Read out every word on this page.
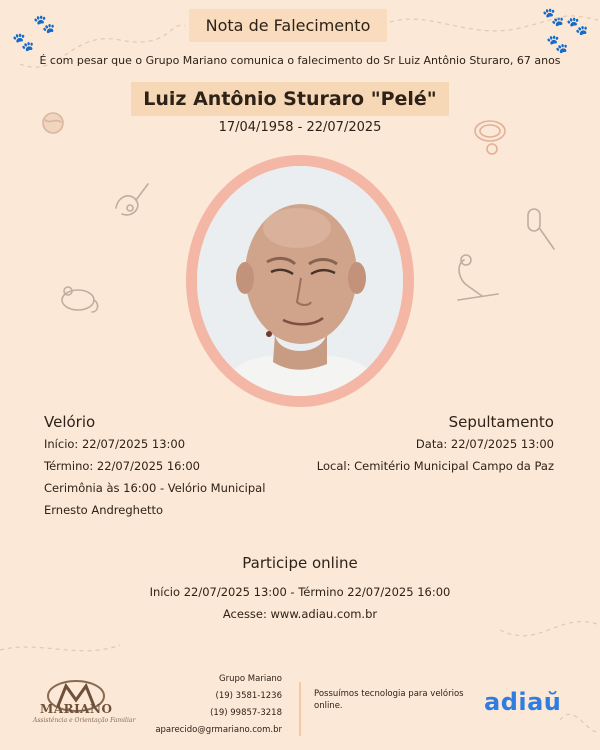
🐾
🐾
🐾 🐾
🐾
Nota de Falecimento
É com pesar que o Grupo Mariano comunica o falecimento do Sr Luiz Antônio Sturaro, 67 anos
Luiz Antônio Sturaro "Pelé"
17/04/1958 - 22/07/2025
Velório
Início: 22/07/2025 13:00
Término: 22/07/2025 16:00
Cerimônia às 16:00 - Velório Municipal
Ernesto Andreghetto
Sepultamento
Data: 22/07/2025 13:00
Local: Cemitério Municipal Campo da Paz
Participe online
Início 22/07/2025 13:00 - Término 22/07/2025 16:00
Acesse: www.adiau.com.br
MARIANO
Assistência e Orientação Familiar
Grupo Mariano
(19) 3581-1236
(19) 99857-3218
aparecido@grmariano.com.br
Possuímos tecnologia para velórios online.	adiaŭ
